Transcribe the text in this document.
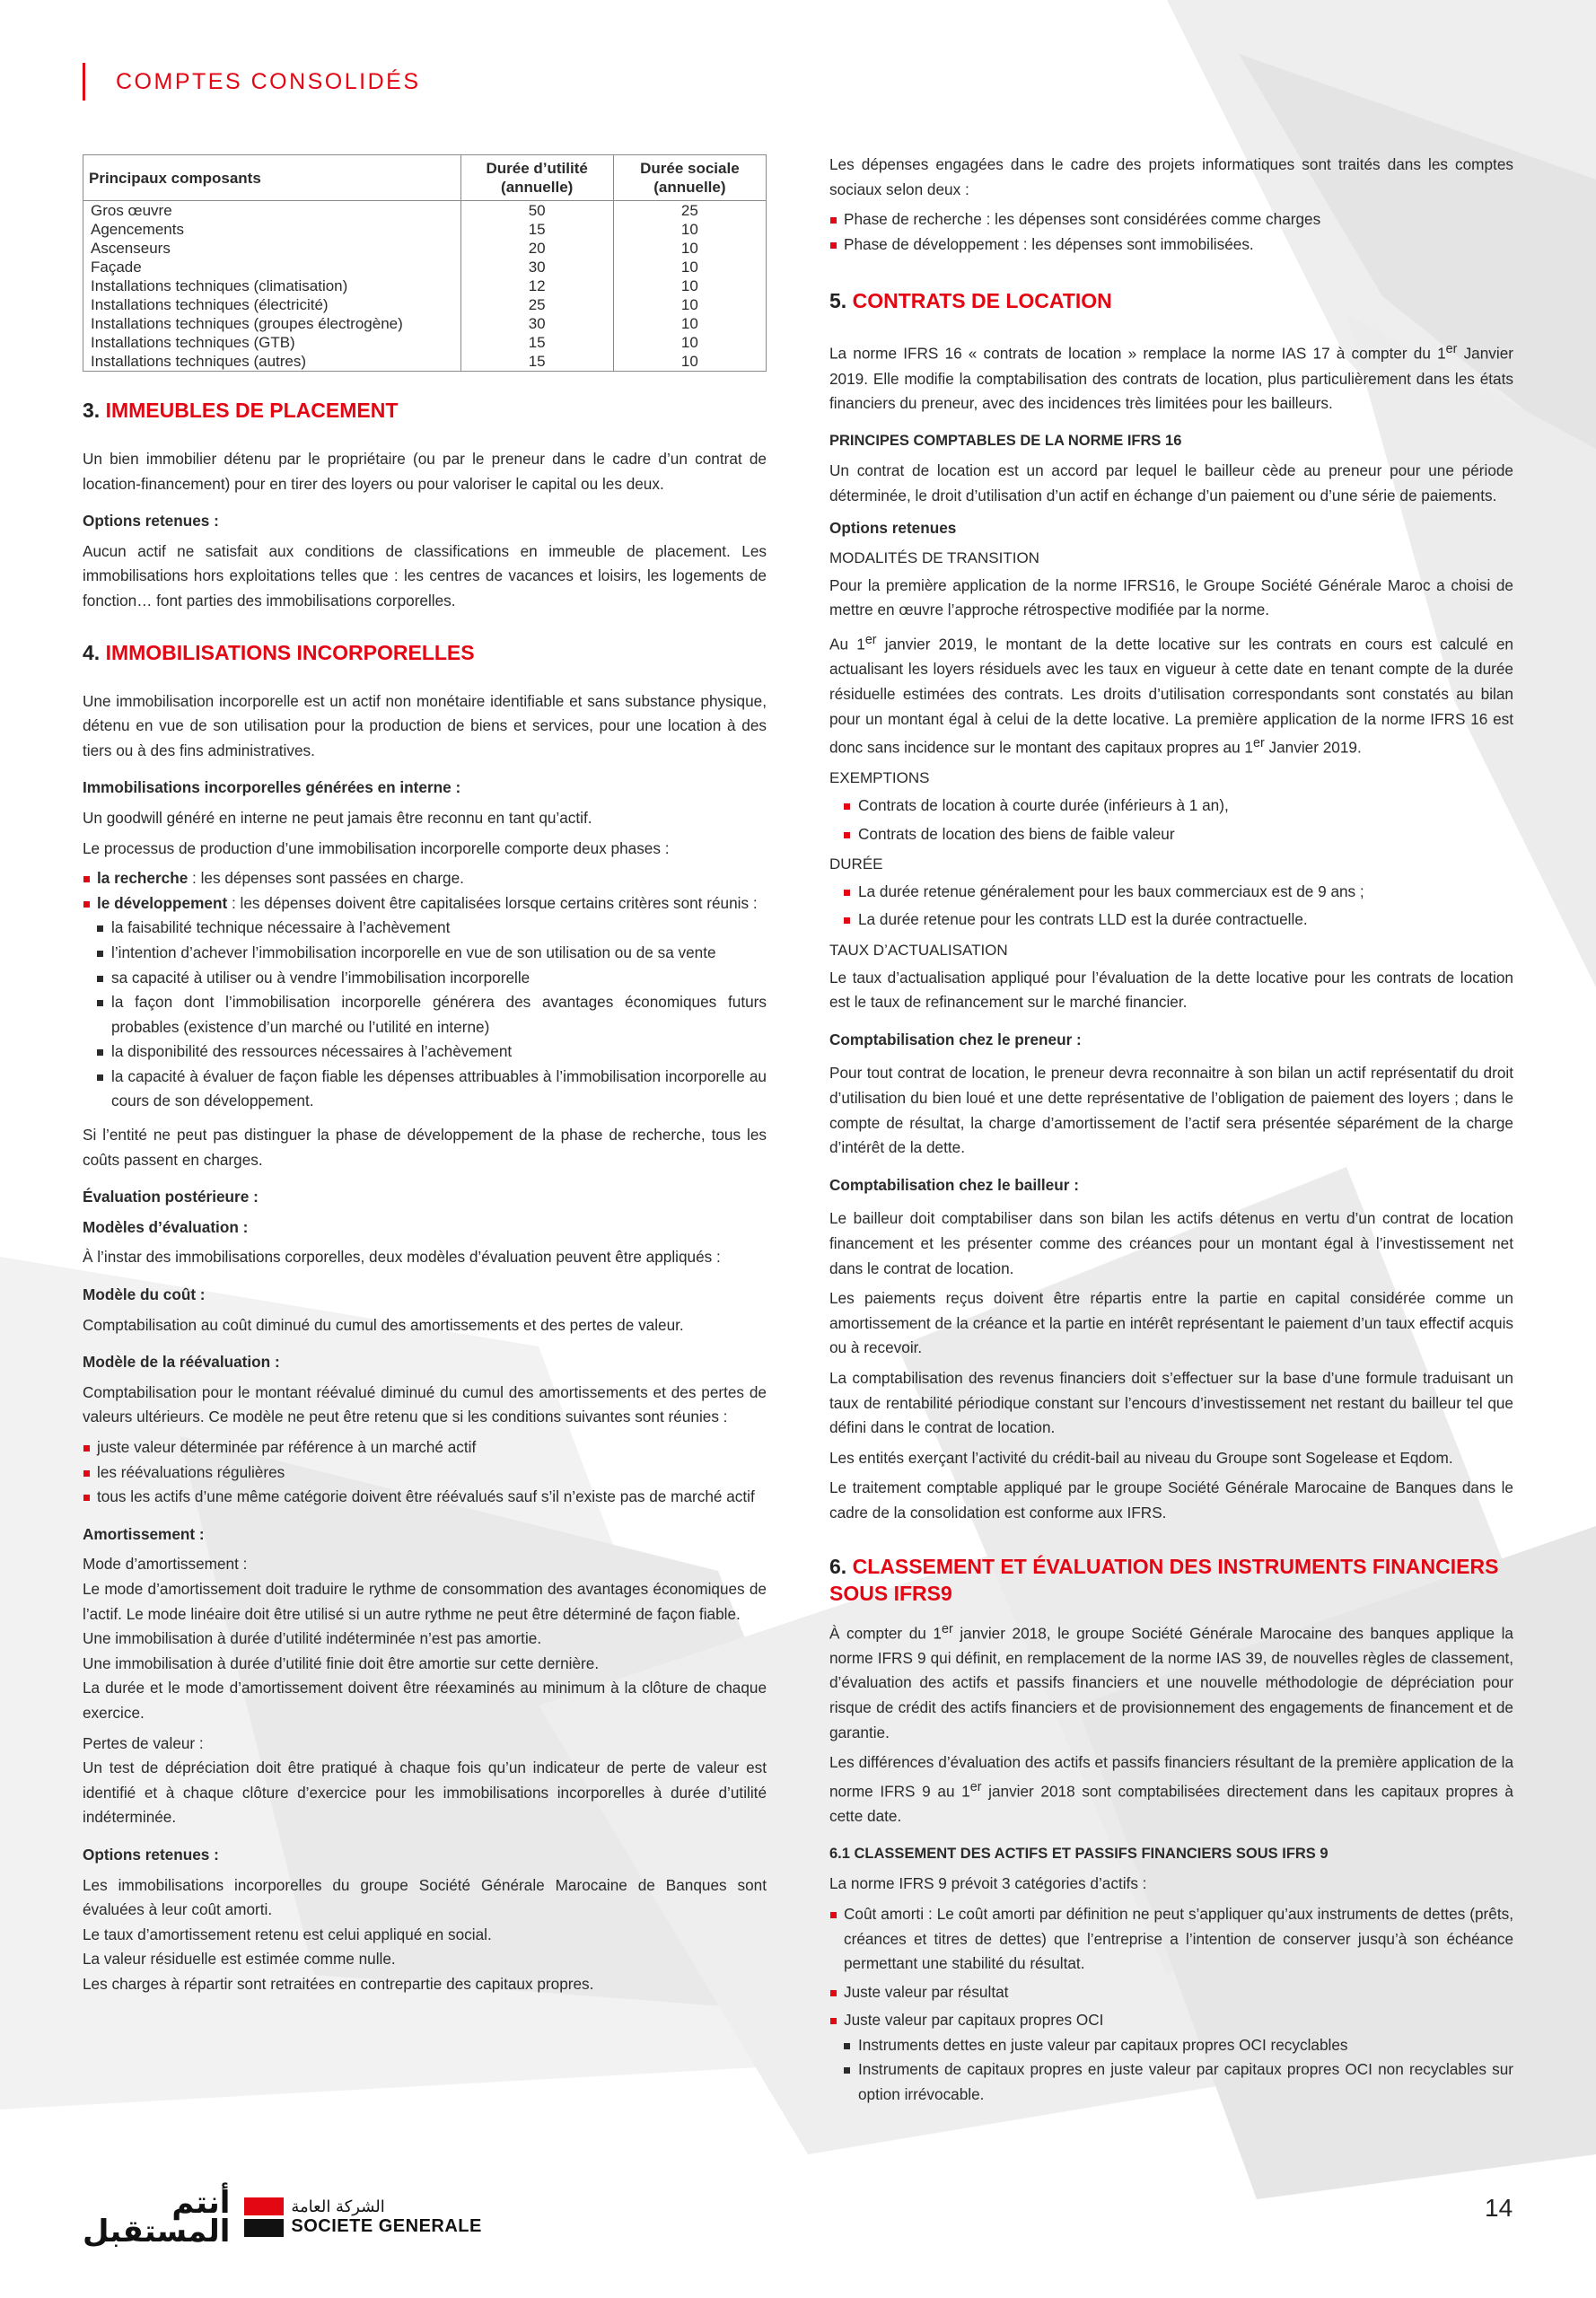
COMPTES CONSOLIDÉS
Principaux composants	Durée d’utilité (annuelle)	Durée sociale (annuelle)
Gros œuvre	50	25
Agencements	15	10
Ascenseurs	20	10
Façade	30	10
Installations techniques (climatisation)	12	10
Installations techniques (électricité)	25	10
Installations techniques (groupes électrogène)	30	10
Installations techniques (GTB)	15	10
Installations techniques (autres)	15	10
3. IMMEUBLES DE PLACEMENT

Un bien immobilier détenu par le propriétaire (ou par le preneur dans le cadre d’un contrat de location-financement) pour en tirer des loyers ou pour valoriser le capital ou les deux.

Options retenues :

Aucun actif ne satisfait aux conditions de classifications en immeuble de placement. Les immobilisations hors exploitations telles que : les centres de vacances et loisirs, les logements de fonction… font parties des immobilisations corporelles.

4. IMMOBILISATIONS INCORPORELLES

Une immobilisation incorporelle est un actif non monétaire identifiable et sans substance physique, détenu en vue de son utilisation pour la production de biens et services, pour une location à des tiers ou à des fins administratives.

Immobilisations incorporelles générées en interne :

Un goodwill généré en interne ne peut jamais être reconnu en tant qu’actif.

Le processus de production d’une immobilisation incorporelle comporte deux phases :

la recherche : les dépenses sont passées en charge.
le développement : les dépenses doivent être capitalisées lorsque certains critères sont réunis :
la faisabilité technique nécessaire à l’achèvement
l’intention d’achever l’immobilisation incorporelle en vue de son utilisation ou de sa vente
sa capacité à utiliser ou à vendre l’immobilisation incorporelle
la façon dont l’immobilisation incorporelle générera des avantages économiques futurs probables (existence d’un marché ou l’utilité en interne)
la disponibilité des ressources nécessaires à l’achèvement
la capacité à évaluer de façon fiable les dépenses attribuables à l’immobilisation incorporelle au cours de son développement.

Si l’entité ne peut pas distinguer la phase de développement de la phase de recherche, tous les coûts passent en charges.

Évaluation postérieure :
Modèles d’évaluation :

À l’instar des immobilisations corporelles, deux modèles d’évaluation peuvent être appliqués :

Modèle du coût :

Comptabilisation au coût diminué du cumul des amortissements et des pertes de valeur.

Modèle de la réévaluation :

Comptabilisation pour le montant réévalué diminué du cumul des amortissements et des pertes de valeurs ultérieurs. Ce modèle ne peut être retenu que si les conditions suivantes sont réunies :

juste valeur déterminée par référence à un marché actif
les réévaluations régulières
tous les actifs d’une même catégorie doivent être réévalués sauf s’il n’existe pas de marché actif
Amortissement :

Mode d’amortissement :

Le mode d’amortissement doit traduire le rythme de consommation des avantages économiques de l’actif. Le mode linéaire doit être utilisé si un autre rythme ne peut être déterminé de façon fiable.

Une immobilisation à durée d’utilité indéterminée n’est pas amortie.

Une immobilisation à durée d’utilité finie doit être amortie sur cette dernière.

La durée et le mode d’amortissement doivent être réexaminés au minimum à la clôture de chaque exercice.

Pertes de valeur :

Un test de dépréciation doit être pratiqué à chaque fois qu’un indicateur de perte de valeur est identifié et à chaque clôture d’exercice pour les immobilisations incorporelles à durée d’utilité indéterminée.

Options retenues :

Les immobilisations incorporelles du groupe Société Générale Marocaine de Banques sont évaluées à leur coût amorti.

Le taux d’amortissement retenu est celui appliqué en social.

La valeur résiduelle est estimée comme nulle.

Les charges à répartir sont retraitées en contrepartie des capitaux propres.

Les dépenses engagées dans le cadre des projets informatiques sont traités dans les comptes sociaux selon deux :

Phase de recherche : les dépenses sont considérées comme charges
Phase de développement : les dépenses sont immobilisées.
5. CONTRATS DE LOCATION

La norme IFRS 16 « contrats de location » remplace la norme IAS 17 à compter du 1er Janvier 2019. Elle modifie la comptabilisation des contrats de location, plus particulièrement dans les états financiers du preneur, avec des incidences très limitées pour les bailleurs.

PRINCIPES COMPTABLES DE LA NORME IFRS 16

Un contrat de location est un accord par lequel le bailleur cède au preneur pour une période déterminée, le droit d’utilisation d’un actif en échange d’un paiement ou d’une série de paiements.

Options retenues
MODALITÉS DE TRANSITION

Pour la première application de la norme IFRS16, le Groupe Société Générale Maroc a choisi de mettre en œuvre l’approche rétrospective modifiée par la norme.

Au 1er janvier 2019, le montant de la dette locative sur les contrats en cours est calculé en actualisant les loyers résiduels avec les taux en vigueur à cette date en tenant compte de la durée résiduelle estimées des contrats. Les droits d’utilisation correspondants sont constatés au bilan pour un montant égal à celui de la dette locative. La première application de la norme IFRS 16 est donc sans incidence sur le montant des capitaux propres au 1er Janvier 2019.

EXEMPTIONS
Contrats de location à courte durée (inférieurs à 1 an),
Contrats de location des biens de faible valeur
DURÉE
La durée retenue généralement pour les baux commerciaux est de 9 ans ;
La durée retenue pour les contrats LLD est la durée contractuelle.
TAUX D’ACTUALISATION

Le taux d’actualisation appliqué pour l’évaluation de la dette locative pour les contrats de location est le taux de refinancement sur le marché financier.

Comptabilisation chez le preneur :

Pour tout contrat de location, le preneur devra reconnaitre à son bilan un actif représentatif du droit d’utilisation du bien loué et une dette représentative de l’obligation de paiement des loyers ; dans le compte de résultat, la charge d’amortissement de l’actif sera présentée séparément de la charge d’intérêt de la dette.

Comptabilisation chez le bailleur :

Le bailleur doit comptabiliser dans son bilan les actifs détenus en vertu d’un contrat de location financement et les présenter comme des créances pour un montant égal à l’investissement net dans le contrat de location.

Les paiements reçus doivent être répartis entre la partie en capital considérée comme un amortissement de la créance et la partie en intérêt représentant le paiement d’un taux effectif acquis ou à recevoir.

La comptabilisation des revenus financiers doit s’effectuer sur la base d’une formule traduisant un taux de rentabilité périodique constant sur l’encours d’investissement net restant du bailleur tel que défini dans le contrat de location.

Les entités exerçant l’activité du crédit-bail au niveau du Groupe sont Sogelease et Eqdom.

Le traitement comptable appliqué par le groupe Société Générale Marocaine de Banques dans le cadre de la consolidation est conforme aux IFRS.

6. CLASSEMENT ET ÉVALUATION DES INSTRUMENTS FINANCIERS SOUS IFRS9

À compter du 1er janvier 2018, le groupe Société Générale Marocaine des banques applique la norme IFRS 9 qui définit, en remplacement de la norme IAS 39, de nouvelles règles de classement, d’évaluation des actifs et passifs financiers et une nouvelle méthodologie de dépréciation pour risque de crédit des actifs financiers et de provisionnement des engagements de financement et de garantie.

Les différences d’évaluation des actifs et passifs financiers résultant de la première application de la norme IFRS 9 au 1er janvier 2018 sont comptabilisées directement dans les capitaux propres à cette date.

6.1 CLASSEMENT DES ACTIFS ET PASSIFS FINANCIERS SOUS IFRS 9

La norme IFRS 9 prévoit 3 catégories d’actifs :

Coût amorti : Le coût amorti par définition ne peut s’appliquer qu’aux instruments de dettes (prêts, créances et titres de dettes) que l’entreprise a l’intention de conserver jusqu’à son échéance permettant une stabilité du résultat.
Juste valeur par résultat
Juste valeur par capitaux propres OCI
Instruments dettes en juste valeur par capitaux propres OCI recyclables
Instruments de capitaux propres en juste valeur par capitaux propres OCI non recyclables sur option irrévocable.
أنتم
المستقبل
الشركة العامة
SOCIETE GENERALE
14
